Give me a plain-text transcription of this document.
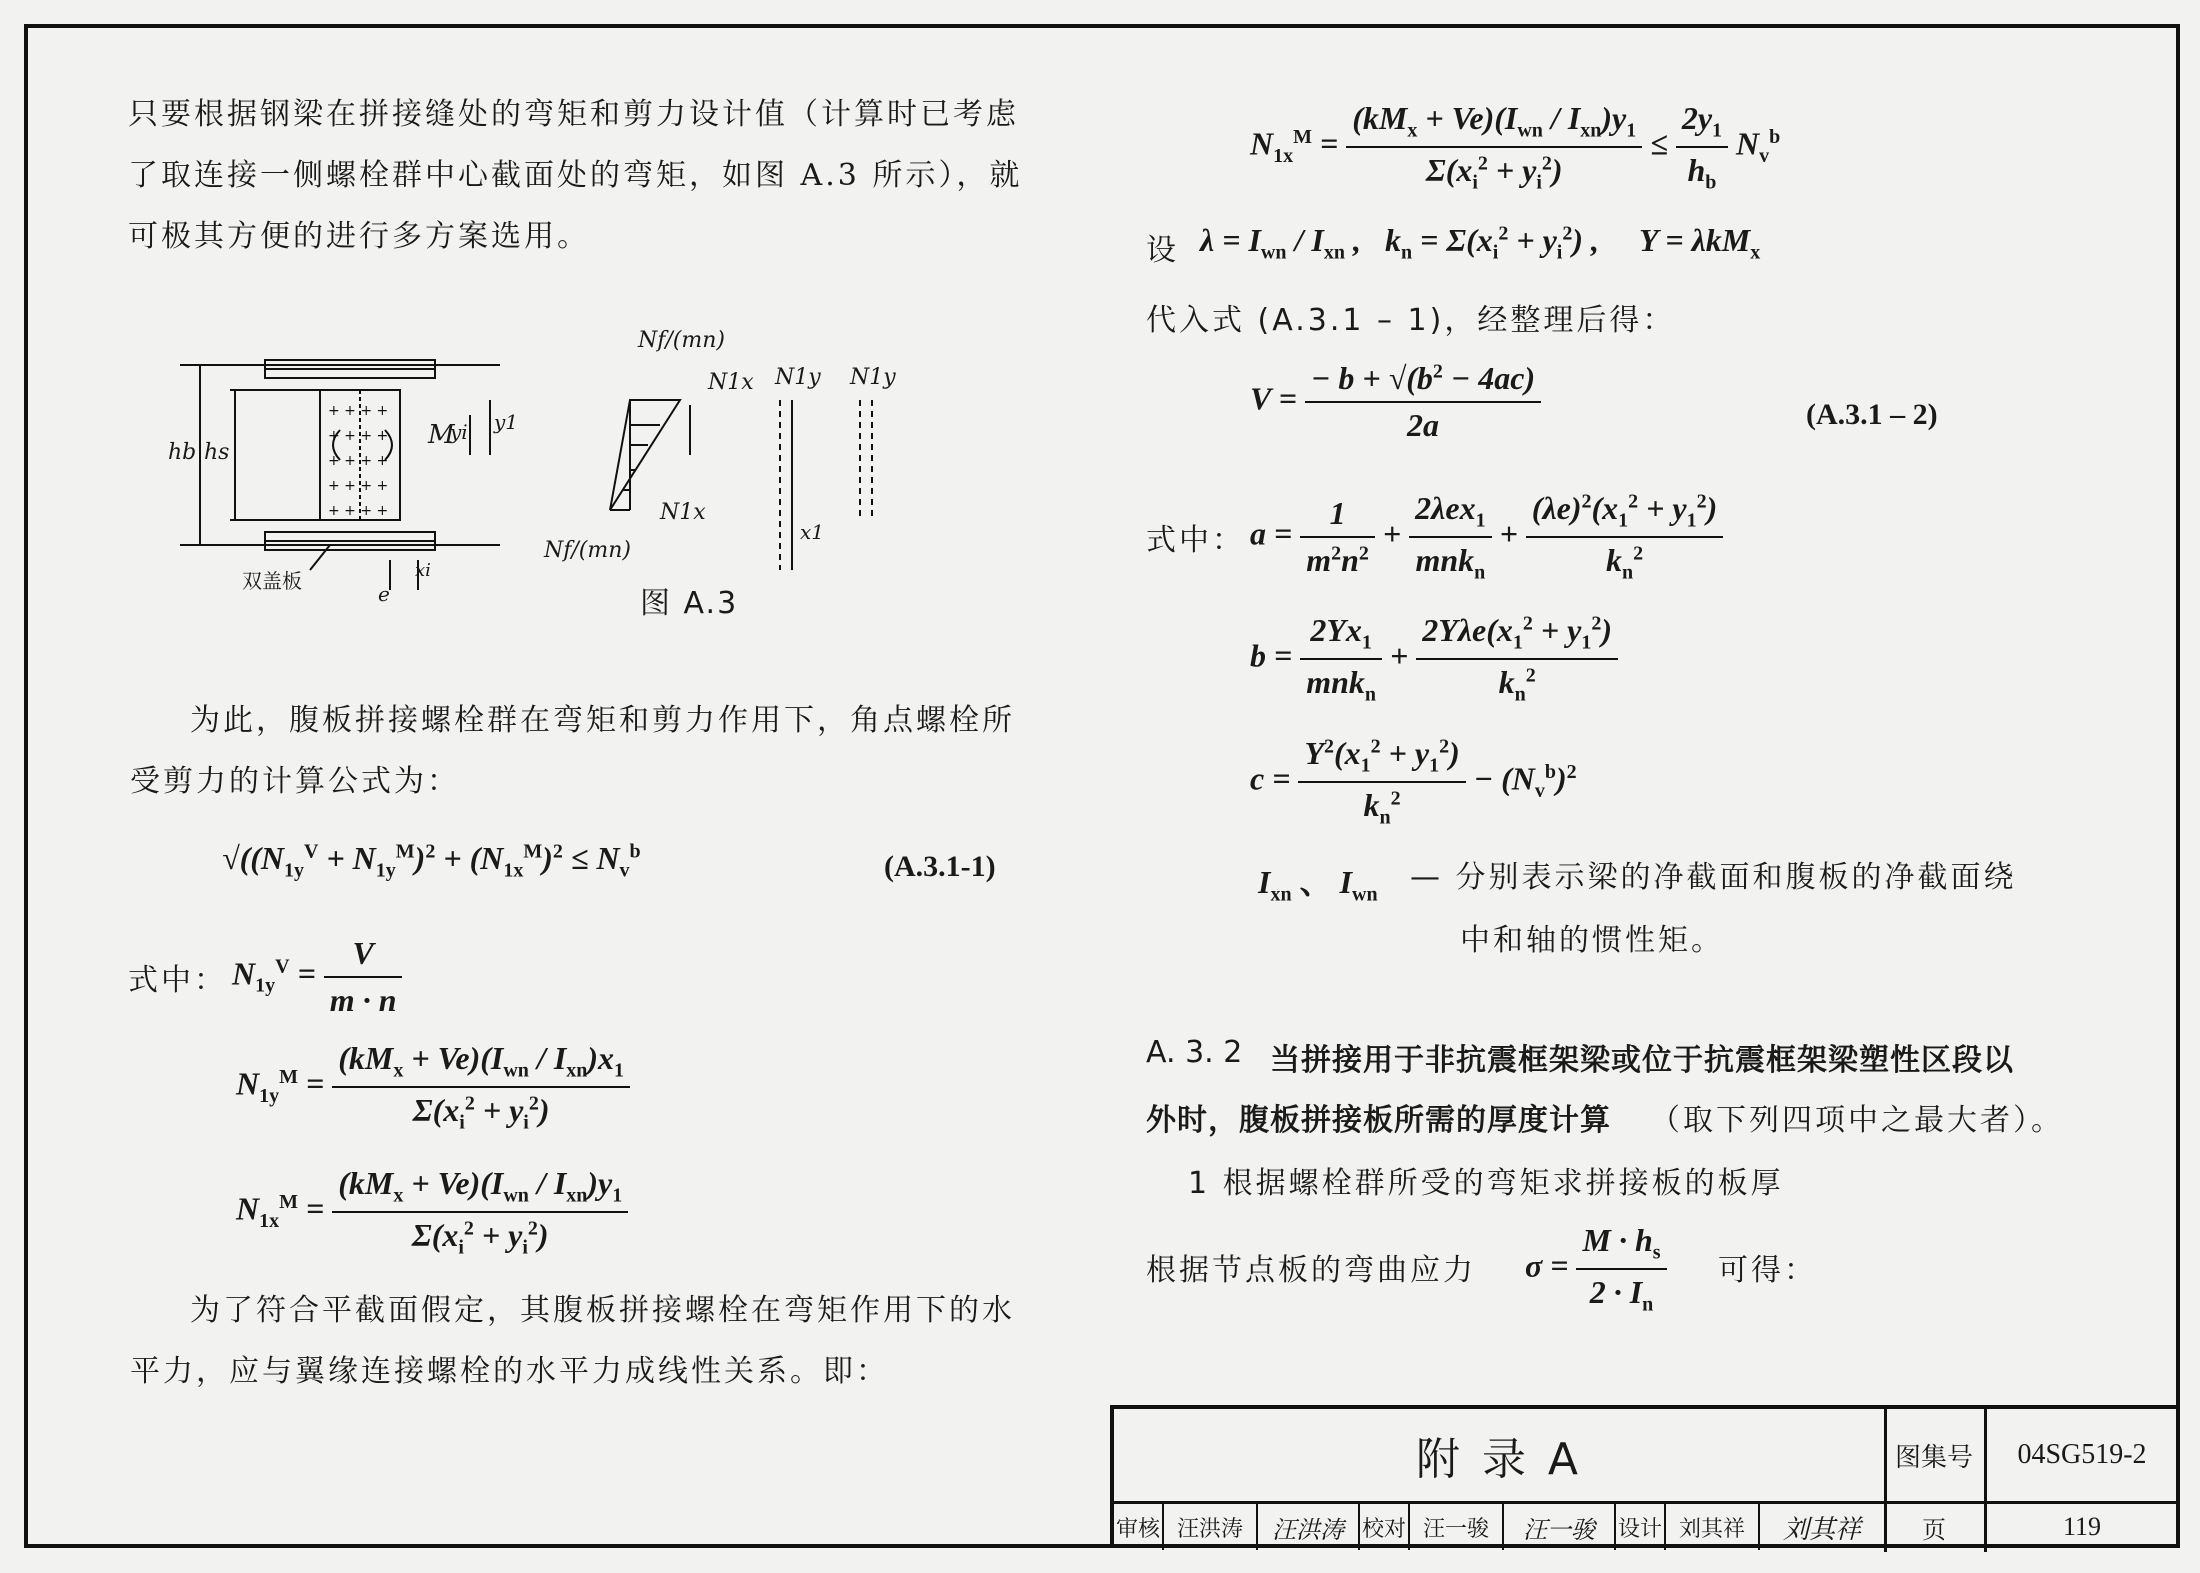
只要根据钢梁在拼接缝处的弯矩和剪力设计值（计算时已考虑
了取连接一侧螺栓群中心截面处的弯矩，如图 A.3 所示），就
可极其方便的进行多方案选用。
+ + + +
+ + + +
+ + + +
+ + + +
+ + + +
hb hs
M
yi y1
双盖板
e
xi
Nf/(mn)
N1x
N1x
Nf/(mn)
N1y
x1
N1y
图 A.3
为此，腹板拼接螺栓群在弯矩和剪力作用下，角点螺栓所
受剪力的计算公式为：
$√((N_{1y}^V + N_{1y}^M)^2 + (N_{1x}^M)^2 \le N_v^b$	(A.3.1-1)
式中： $N_{1y}^V = \frac{V}{m \cdot n}$
$N_{1y}^M = \frac{(kM_x + Ve)(I_{wn} / I_{xn})x_1}{\Sigma(x_i^2 + y_i^2)}$
$N_{1x}^M = \frac{(kM_x + Ve)(I_{wn} / I_{xn})y_1}{\Sigma(x_i^2 + y_i^2)}$
为了符合平截面假定，其腹板拼接螺栓在弯矩作用下的水
平力，应与翼缘连接螺栓的水平力成线性关系。即：
$N_{1x}^M = \frac{(kM_x + Ve)(I_{wn} / I_{xn})y_1}{\Sigma(x_i^2 + y_i^2)} \le \frac{2y_1}{h_b} N_v^b$
设 $\lambda = I_{wn} / I_{xn}$ ,   $k_n = \Sigma(x_i^2 + y_i^2)$ ,     Y = λkM$_x$
代入式 (A.3.1 – 1)，经整理后得：
$V = \frac{- b + √(b^2 - 4ac)}{2a}$	(A.3.1 – 2)
式中： $a = \frac{1}{m^2n^2} + \frac{2\lambda ex_1}{mnk_n} + \frac{(\lambda e)^2(x_1^2 + y_1^2)}{k_n^2}$
$b = \frac{2Yx_1}{mnk_n} + \frac{2Y\lambda e(x_1^2 + y_1^2)}{k_n^2}$
$c = \frac{Y^2(x_1^2 + y_1^2)}{k_n^2} - (N_v^b)^2$
$I_{xn}$ 、 $I_{wn}$ — 分别表示梁的净截面和腹板的净截面绕
中和轴的惯性矩。
A. 3. 2 当拼接用于非抗震框架梁或位于抗震框架梁塑性区段以
外时，腹板拼接板所需的厚度计算 （取下列四项中之最大者）。
1 根据螺栓群所受的弯矩求拼接板的板厚
根据节点板的弯曲应力 $\sigma = \frac{M \cdot h_s}{2 \cdot I_n}$ 可得：
附 录 A	图集号	04SG519-2
审核 汪洪涛	汪洪涛 校对 汪一骏	汪一骏	设计 刘其祥	刘其祥	页	119
